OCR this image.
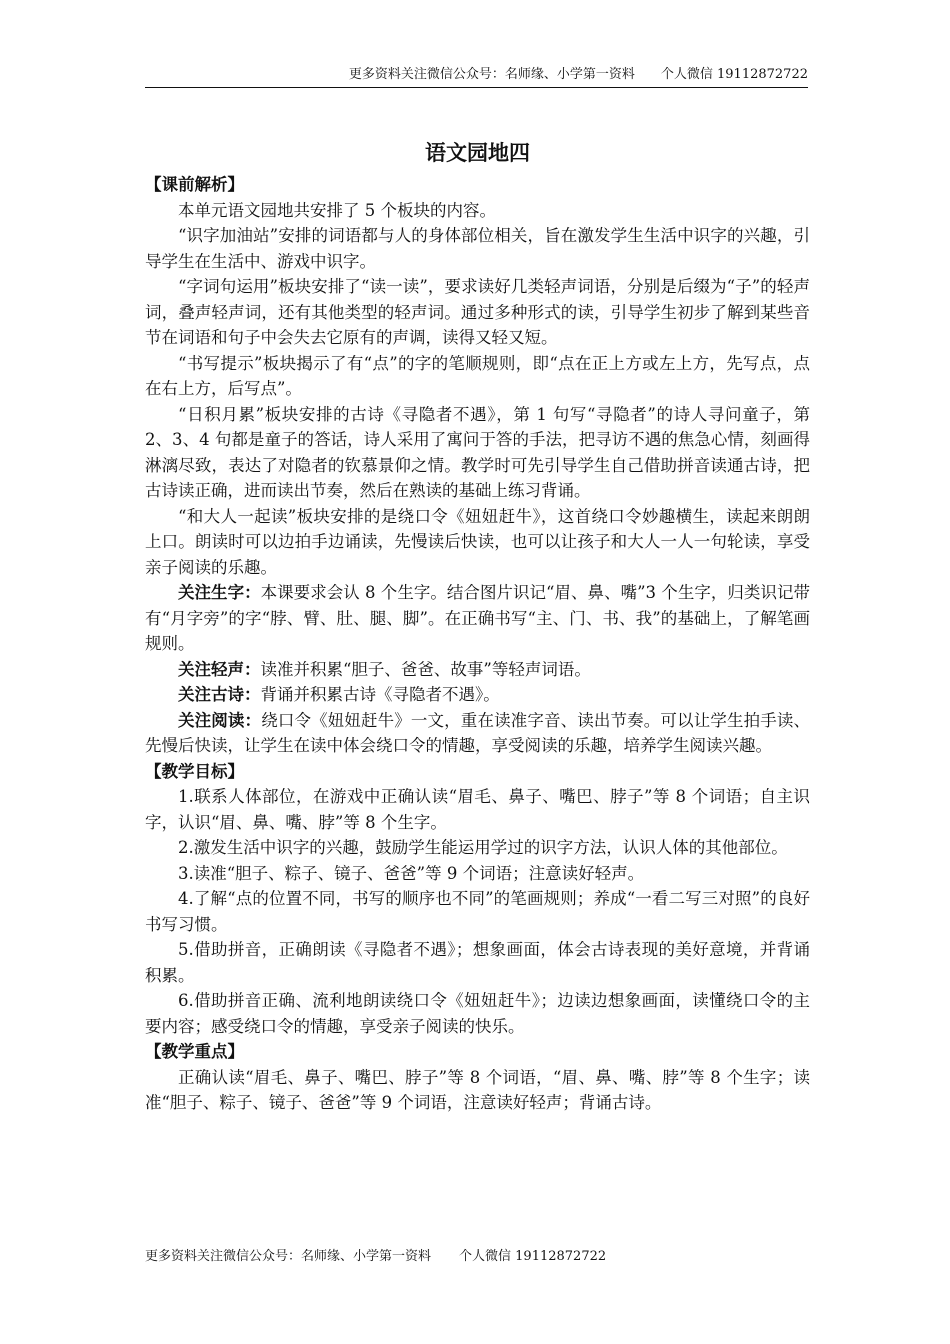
更多资料关注微信公众号：名师缘、小学第一资料 个人微信 19112872722
语文园地四
【课前解析】

本单元语文园地共安排了 5 个板块的内容。

“识字加油站”安排的词语都与人的身体部位相关，旨在激发学生生活中识字的兴趣，引导学生在生活中、游戏中识字。

“字词句运用”板块安排了“读一读”，要求读好几类轻声词语，分别是后缀为“子”的轻声词，叠声轻声词，还有其他类型的轻声词。通过多种形式的读，引导学生初步了解到某些音节在词语和句子中会失去它原有的声调，读得又轻又短。

“书写提示”板块揭示了有“点”的字的笔顺规则，即“点在正上方或左上方，先写点，点在右上方，后写点”。

“日积月累”板块安排的古诗《寻隐者不遇》，第 1 句写“寻隐者”的诗人寻问童子，第 2、3、4 句都是童子的答话，诗人采用了寓问于答的手法，把寻访不遇的焦急心情，刻画得淋漓尽致，表达了对隐者的钦慕景仰之情。教学时可先引导学生自己借助拼音读通古诗，把古诗读正确，进而读出节奏，然后在熟读的基础上练习背诵。

“和大人一起读”板块安排的是绕口令《妞妞赶牛》，这首绕口令妙趣横生，读起来朗朗上口。朗读时可以边拍手边诵读，先慢读后快读，也可以让孩子和大人一人一句轮读，享受亲子阅读的乐趣。

关注生字：本课要求会认 8 个生字。结合图片识记“眉、鼻、嘴”3 个生字，归类识记带有“月字旁”的字“脖、臂、肚、腿、脚”。在正确书写“主、门、书、我”的基础上，了解笔画规则。

关注轻声：读准并积累“胆子、爸爸、故事”等轻声词语。

关注古诗：背诵并积累古诗《寻隐者不遇》。

关注阅读：绕口令《妞妞赶牛》一文，重在读准字音、读出节奏。可以让学生拍手读、先慢后快读，让学生在读中体会绕口令的情趣，享受阅读的乐趣，培养学生阅读兴趣。

【教学目标】

1.联系人体部位，在游戏中正确认读“眉毛、鼻子、嘴巴、脖子”等 8 个词语；自主识字，认识“眉、鼻、嘴、脖”等 8 个生字。

2.激发生活中识字的兴趣，鼓励学生能运用学过的识字方法，认识人体的其他部位。

3.读准“胆子、粽子、镜子、爸爸”等 9 个词语；注意读好轻声。

4.了解“点的位置不同，书写的顺序也不同”的笔画规则；养成“一看二写三对照”的良好书写习惯。

5.借助拼音，正确朗读《寻隐者不遇》；想象画面，体会古诗表现的美好意境，并背诵积累。

6.借助拼音正确、流利地朗读绕口令《妞妞赶牛》；边读边想象画面，读懂绕口令的主要内容；感受绕口令的情趣，享受亲子阅读的快乐。

【教学重点】

正确认读“眉毛、鼻子、嘴巴、脖子”等 8 个词语，“眉、鼻、嘴、脖”等 8 个生字；读准“胆子、粽子、镜子、爸爸”等 9 个词语，注意读好轻声；背诵古诗。

更多资料关注微信公众号：名师缘、小学第一资料 个人微信 19112872722
